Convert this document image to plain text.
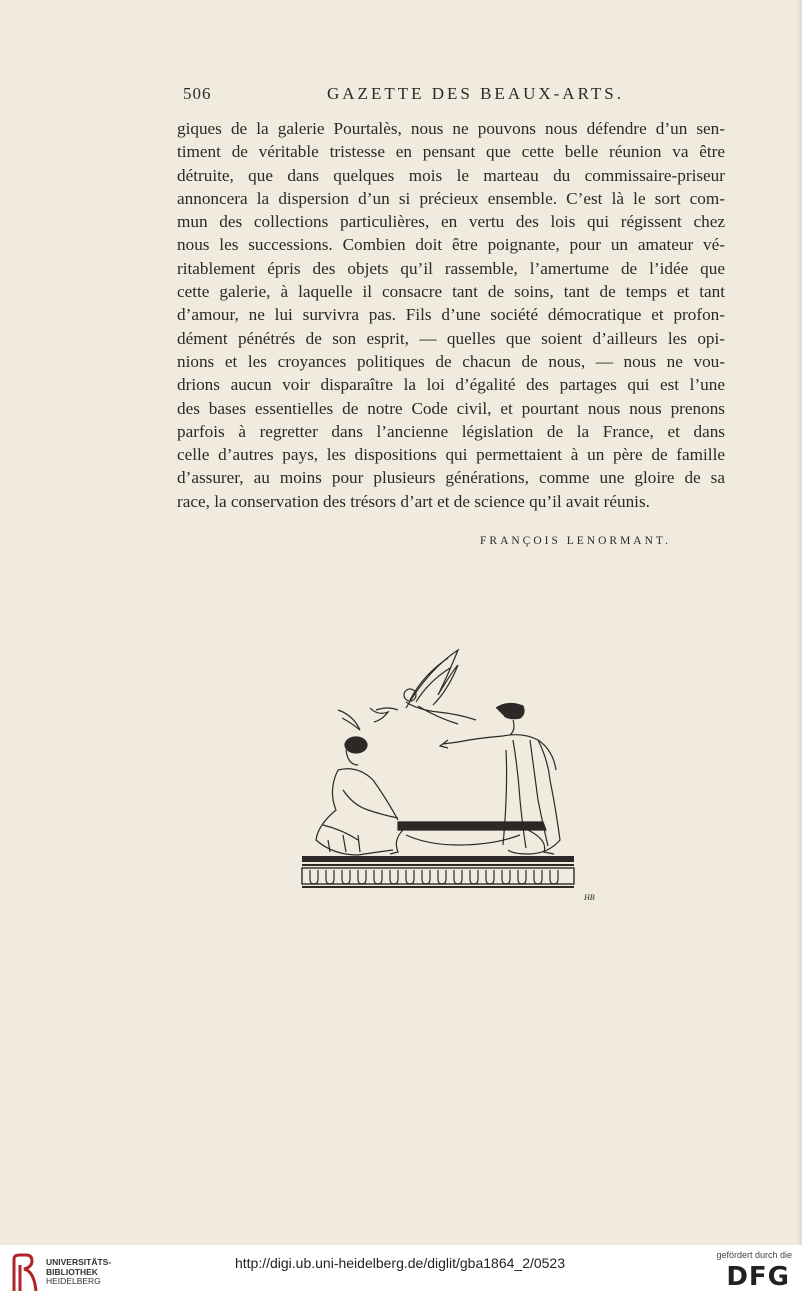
506	GAZETTE DES BEAUX-ARTS.
giques de la galerie Pourtalès, nous ne pouvons nous défendre d’un sen-
timent de véritable tristesse en pensant que cette belle réunion va être
détruite, que dans quelques mois le marteau du commissaire-priseur
annoncera la dispersion d’un si précieux ensemble. C’est là le sort com-
mun des collections particulières, en vertu des lois qui régissent chez
nous les successions. Combien doit être poignante, pour un amateur vé-
ritablement épris des objets qu’il rassemble, l’amertume de l’idée que
cette galerie, à laquelle il consacre tant de soins, tant de temps et tant
d’amour, ne lui survivra pas. Fils d’une société démocratique et profon-
dément pénétrés de son esprit, — quelles que soient d’ailleurs les opi-
nions et les croyances politiques de chacun de nous, — nous ne vou-
drions aucun voir disparaître la loi d’égalité des partages qui est l’une
des bases essentielles de notre Code civil, et pourtant nous nous prenons
parfois à regretter dans l’ancienne législation de la France, et dans
celle d’autres pays, les dispositions qui permettaient à un père de famille
d’assurer, au moins pour plusieurs générations, comme une gloire de sa
race, la conservation des trésors d’art et de science qu’il avait réunis.
FRANÇOIS LENORMANT.
HB
UNIVERSITÄTS-
BIBLIOTHEK
HEIDELBERG
http://digi.ub.uni-heidelberg.de/diglit/gba1864_2/0523	gefördert durch die
DFG
